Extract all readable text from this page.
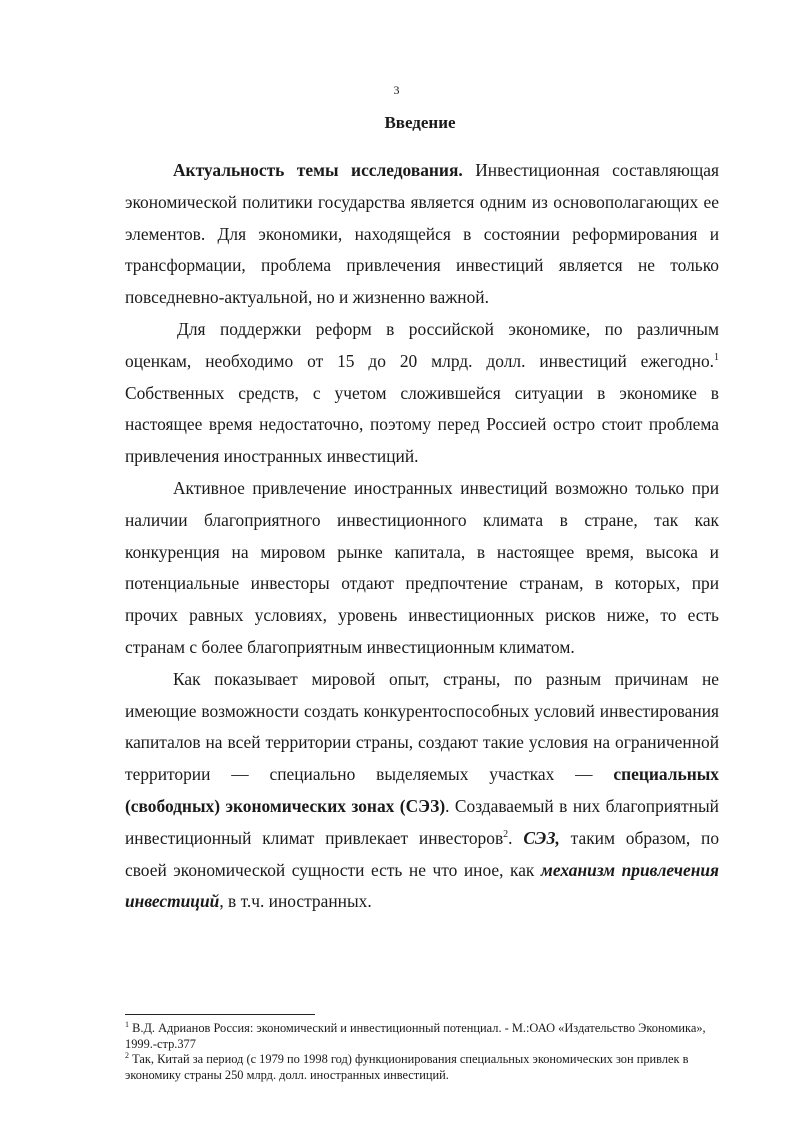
3
Введение

Актуальность темы исследования. Инвестиционная составляющая экономической политики государства является одним из основополагающих ее элементов. Для экономики, находящейся в состоянии реформирования и трансформации, проблема привлечения инвестиций является не только повседневно-актуальной, но и жизненно важной.

Для поддержки реформ в российской экономике, по различным оценкам, необходимо от 15 до 20 млрд. долл. инвестиций ежегодно.$^1$ Собственных средств, с учетом сложившейся ситуации в экономике в настоящее время недостаточно, поэтому перед Россией остро стоит проблема привлечения иностранных инвестиций.

Активное привлечение иностранных инвестиций возможно только при наличии благоприятного инвестиционного климата в стране, так как конкуренция на мировом рынке капитала, в настоящее время, высока и потенциальные инвесторы отдают предпочтение странам, в которых, при прочих равных условиях, уровень инвестиционных рисков ниже, то есть странам с более благоприятным инвестиционным климатом.

Как показывает мировой опыт, страны, по разным причинам не имеющие возможности создать конкурентоспособных условий инвестирования капиталов на всей территории страны, создают такие условия на ограниченной территории — специально выделяемых участках — специальных (свободных) экономических зонах (СЭЗ). Создаваемый в них благоприятный инвестиционный климат привлекает инвесторов$^2$. СЭЗ, таким образом, по своей экономической сущности есть не что иное, как механизм привлечения инвестиций, в т.ч. иностранных.

$^1$ В.Д. Адрианов Россия: экономический и инвестиционный потенциал. - М.:ОАО «Издательство Экономика», 1999.-стр.377

$^2$ Так, Китай за период (с 1979 по 1998 год) функционирования специальных экономических зон привлек в экономику страны 250 млрд. долл. иностранных инвестиций.
